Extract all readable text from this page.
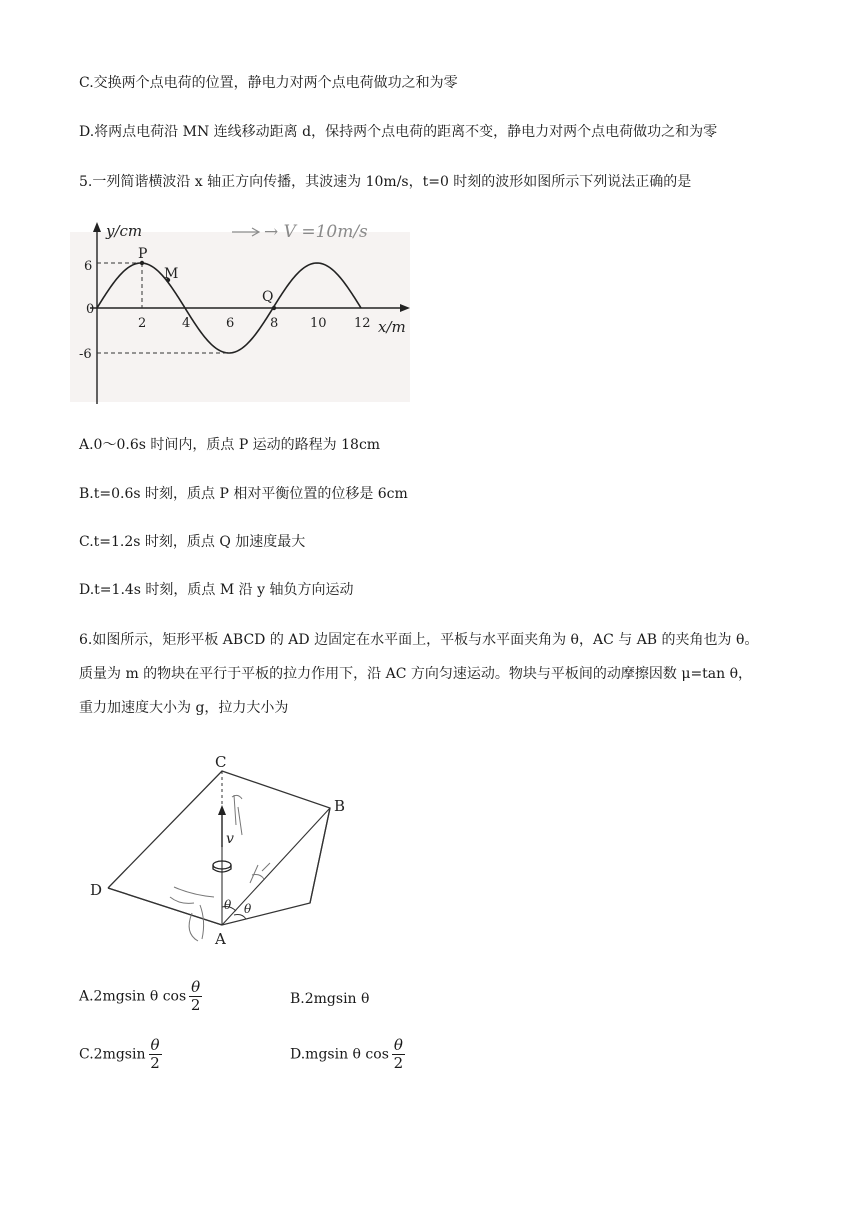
C.交换两个点电荷的位置，静电力对两个点电荷做功之和为零
D.将两点电荷沿 MN 连线移动距离 d，保持两个点电荷的距离不变，静电力对两个点电荷做功之和为零
5.一列简谐横波沿 x 轴正方向传播，其波速为 10m/s，t=0 时刻的波形如图所示下列说法正确的是
→ V =10m/s
y/cm
x/m
0
6
-6
2	4	6	8 10 12
P
M
Q
A.0～0.6s 时间内，质点 P 运动的路程为 18cm
B.t=0.6s 时刻，质点 P 相对平衡位置的位移是 6cm
C.t=1.2s 时刻，质点 Q 加速度最大
D.t=1.4s 时刻，质点 M 沿 y 轴负方向运动
6.如图所示，矩形平板 ABCD 的 AD 边固定在水平面上，平板与水平面夹角为 θ，AC 与 AB 的夹角也为 θ。
质量为 m 的物块在平行于平板的拉力作用下，沿 AC 方向匀速运动。物块与平板间的动摩擦因数 μ=tan θ，
重力加速度大小为 g，拉力大小为
C
B
D
A
v
θ θ
A.2mgsin θ $\cos \frac{\theta}{2}$	B.2mgsin θ
$C.2mgsin \frac{\theta}{2}$	D.mgsin θ $\cos \frac{\theta}{2}$
